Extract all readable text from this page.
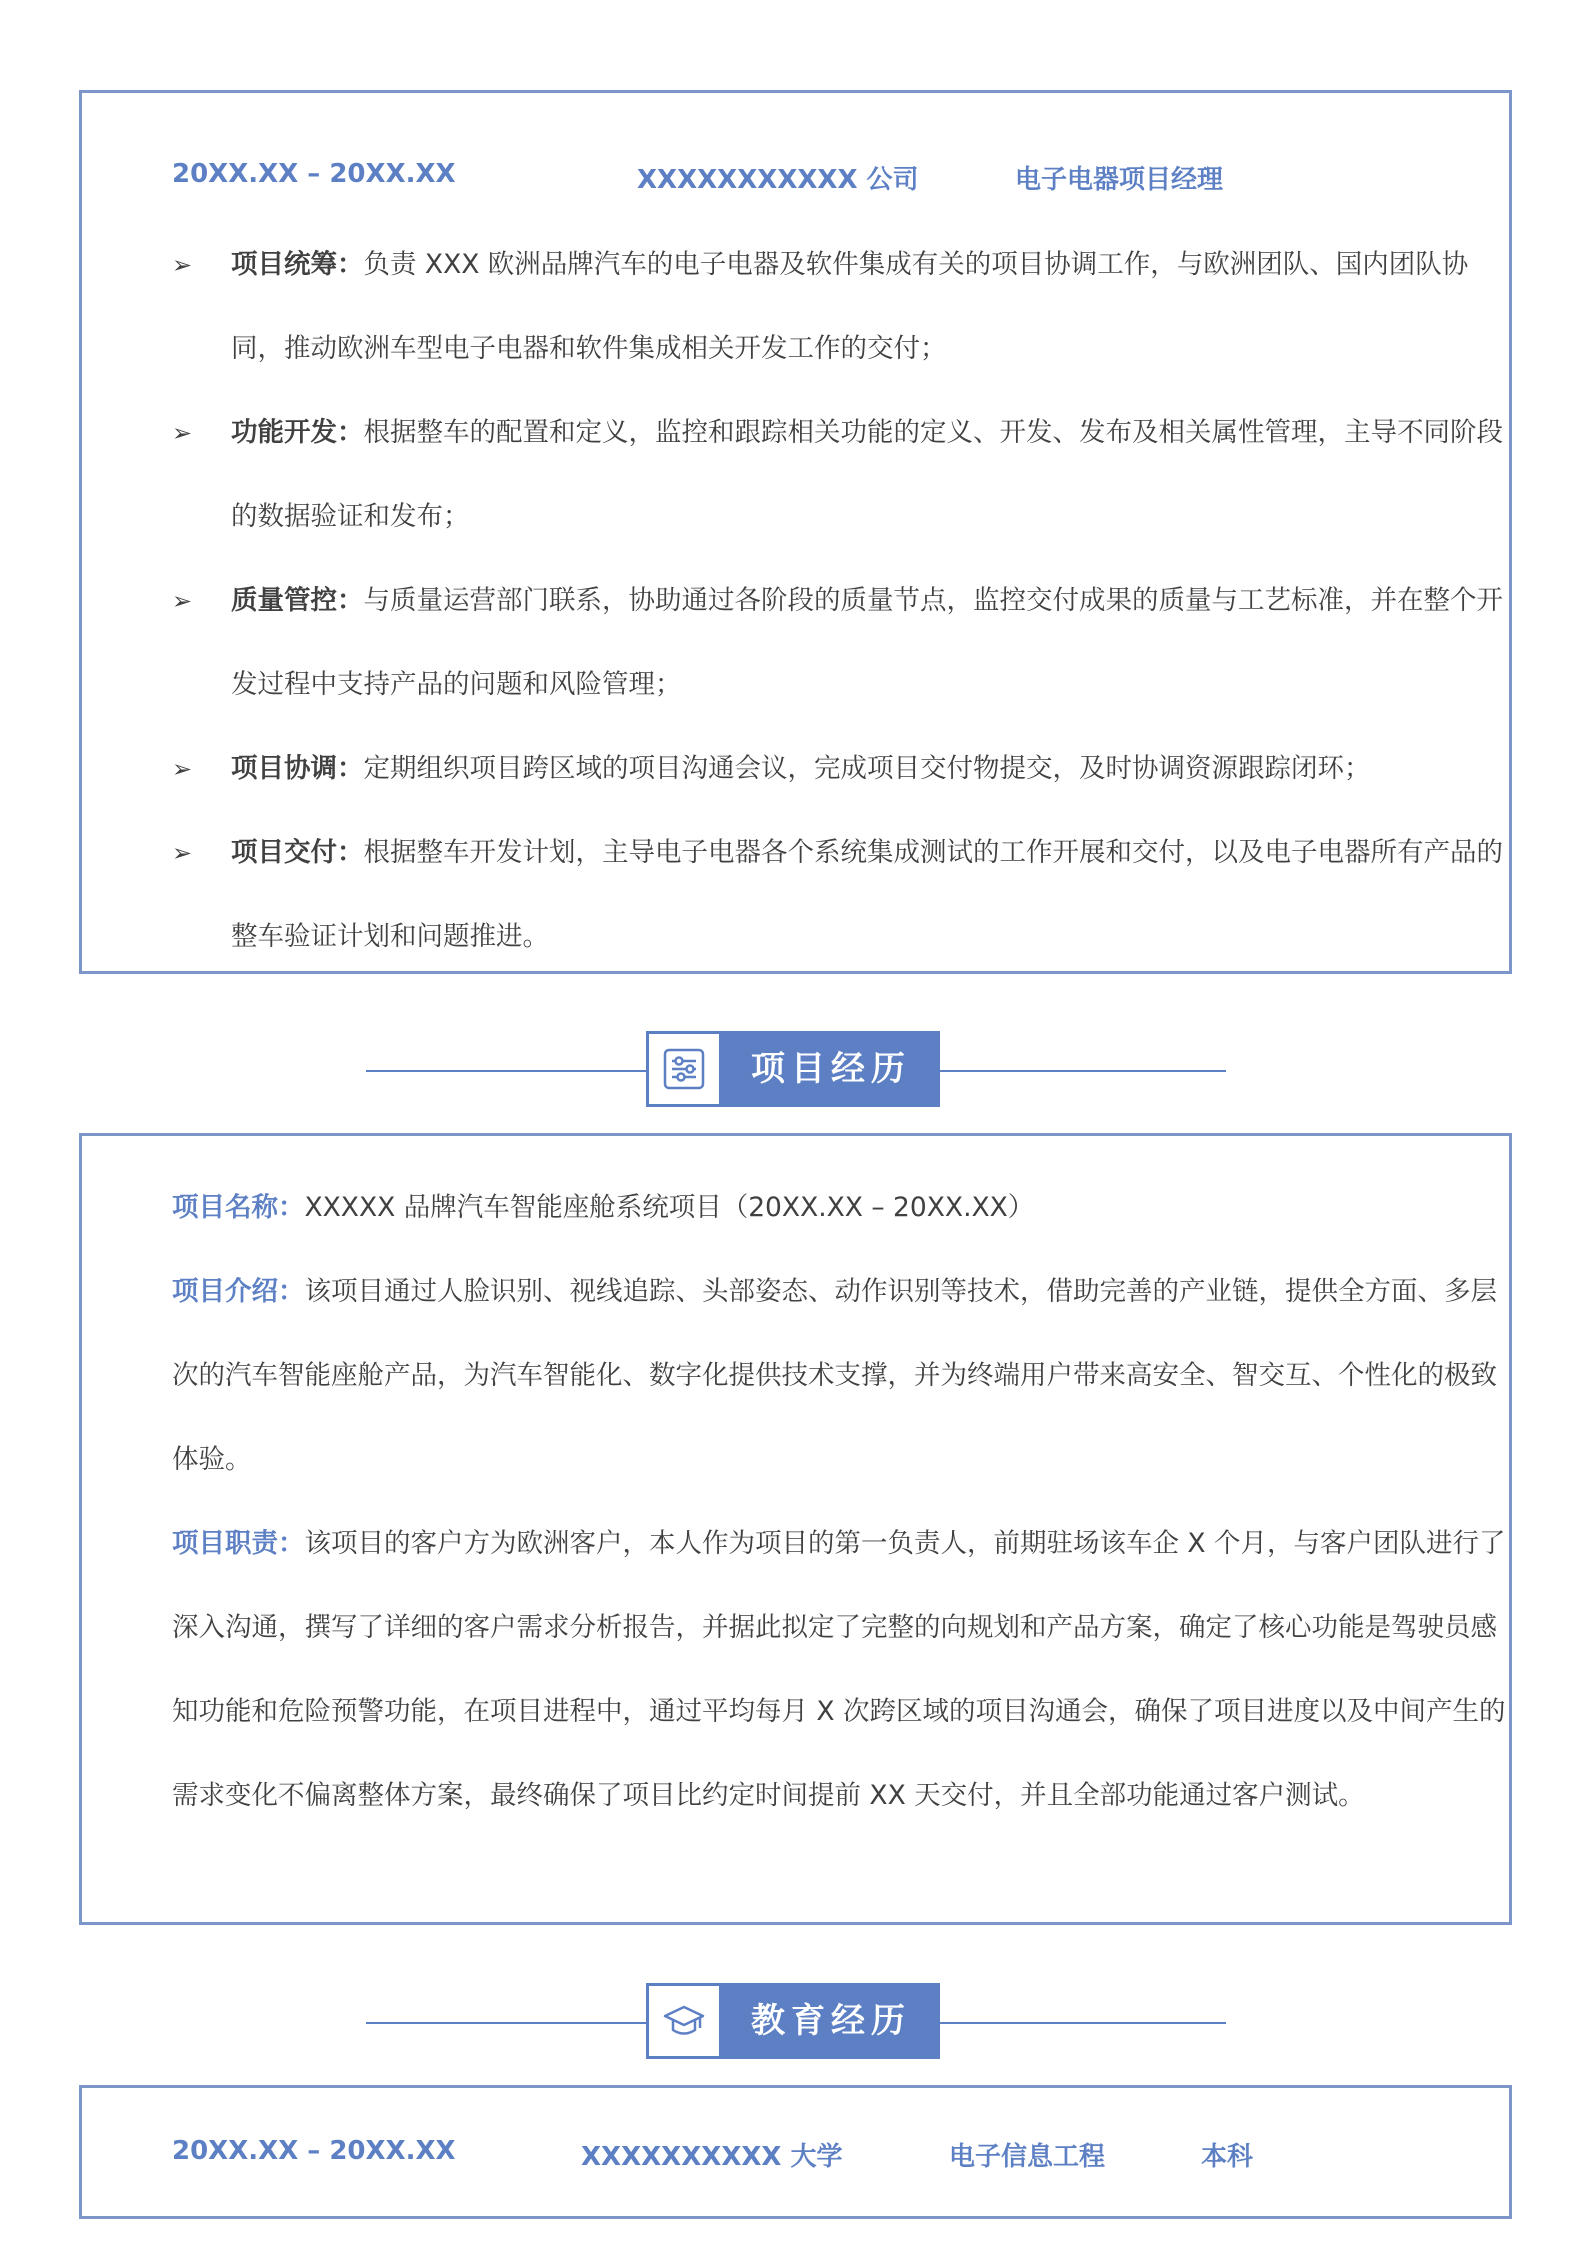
20XX.XX – 20XX.XX	XXXXXXXXXXX 公司	电子电器项目经理
➢ 项目统筹：负责 XXX 欧洲品牌汽车的电子电器及软件集成有关的项目协调工作，与欧洲团队、国内团队协同，推动欧洲车型电子电器和软件集成相关开发工作的交付；
➢ 功能开发：根据整车的配置和定义，监控和跟踪相关功能的定义、开发、发布及相关属性管理，主导不同阶段的数据验证和发布；
➢ 质量管控：与质量运营部门联系，协助通过各阶段的质量节点，监控交付成果的质量与工艺标准，并在整个开发过程中支持产品的问题和风险管理；
➢ 项目协调：定期组织项目跨区域的项目沟通会议，完成项目交付物提交，及时协调资源跟踪闭环；
➢ 项目交付：根据整车开发计划，主导电子电器各个系统集成测试的工作开展和交付，以及电子电器所有产品的整车验证计划和问题推进。
项目经历

项目名称：XXXXX 品牌汽车智能座舱系统项目（20XX.XX – 20XX.XX）

项目介绍：该项目通过人脸识别、视线追踪、头部姿态、动作识别等技术，借助完善的产业链，提供全方面、多层次的汽车智能座舱产品，为汽车智能化、数字化提供技术支撑，并为终端用户带来高安全、智交互、个性化的极致体验。

项目职责：该项目的客户方为欧洲客户，本人作为项目的第一负责人，前期驻场该车企 X 个月，与客户团队进行了深入沟通，撰写了详细的客户需求分析报告，并据此拟定了完整的向规划和产品方案，确定了核心功能是驾驶员感知功能和危险预警功能，在项目进程中，通过平均每月 X 次跨区域的项目沟通会，确保了项目进度以及中间产生的需求变化不偏离整体方案，最终确保了项目比约定时间提前 XX 天交付，并且全部功能通过客户测试。

教育经历
20XX.XX – 20XX.XX	XXXXXXXXXX 大学	电子信息工程	本科
